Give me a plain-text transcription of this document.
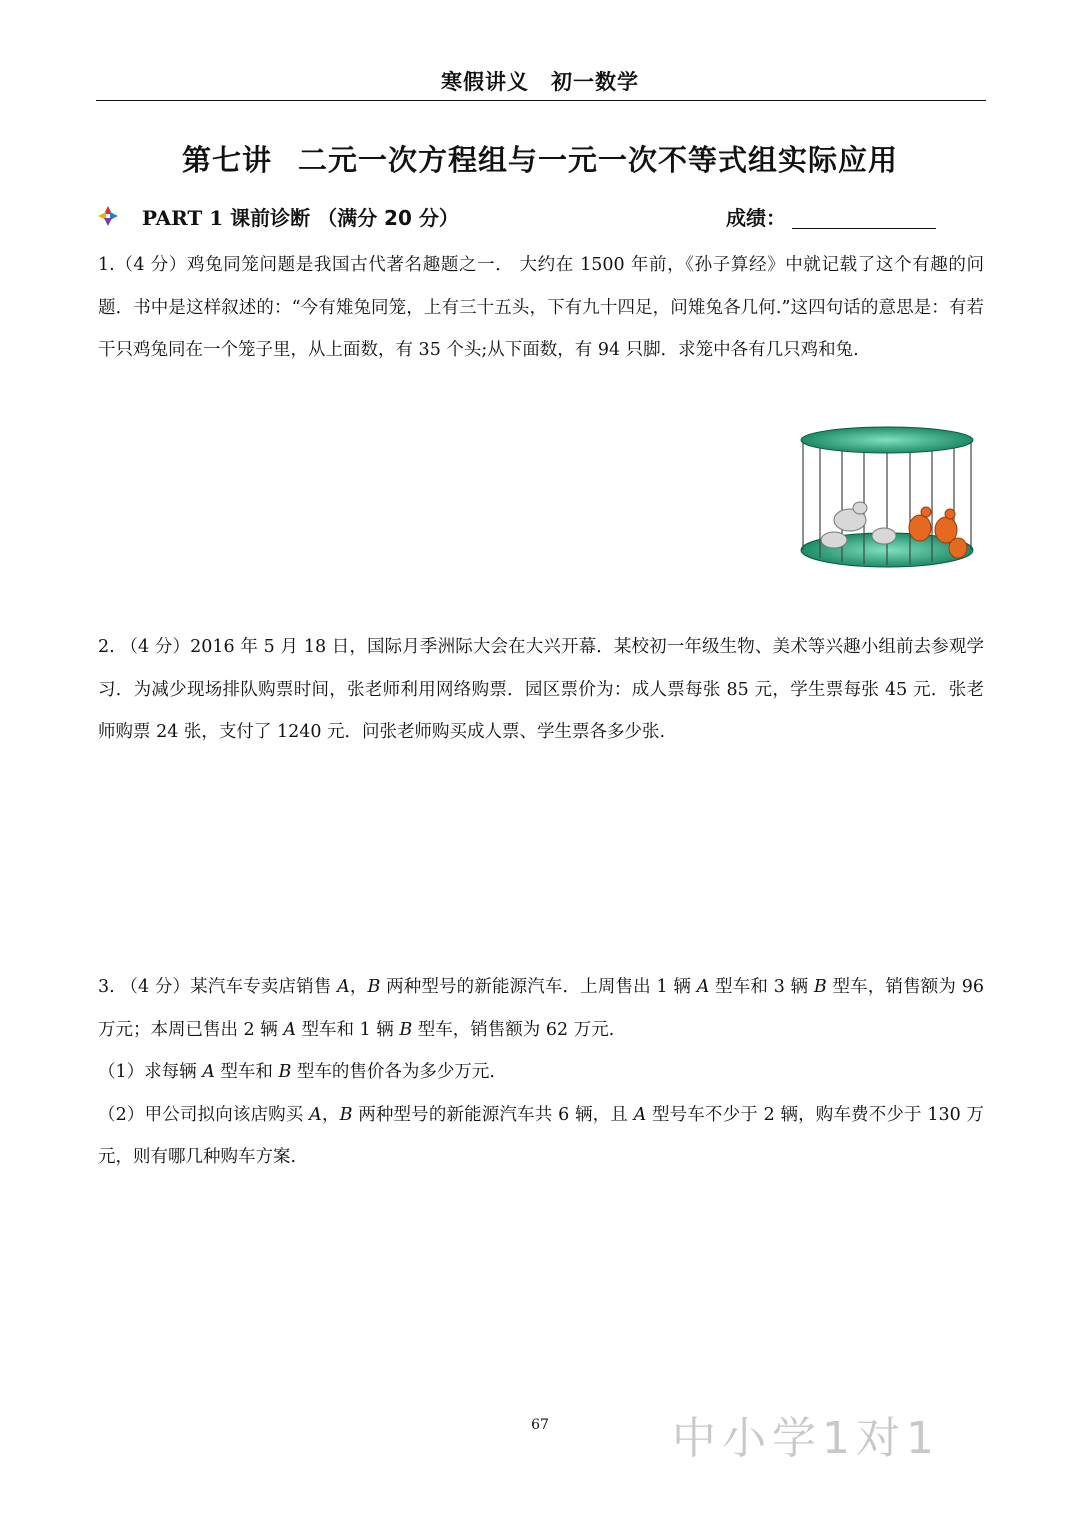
寒假讲义 初一数学
第七讲 二元一次方程组与一元一次不等式组实际应用
PART 1 课前诊断 （满分 20 分）	成绩：

1.（4 分）鸡兔同笼问题是我国古代著名趣题之一． 大约在 1500 年前，《孙子算经》中就记载了这个有趣的问题．书中是这样叙述的：“今有雉兔同笼，上有三十五头，下有九十四足，问雉兔各几何.”这四句话的意思是：有若干只鸡兔同在一个笼子里，从上面数，有 35 个头;从下面数，有 94 只脚．求笼中各有几只鸡和兔.

2. （4 分）2016 年 5 月 18 日，国际月季洲际大会在大兴开幕．某校初一年级生物、美术等兴趣小组前去参观学习．为减少现场排队购票时间，张老师利用网络购票．园区票价为：成人票每张 85 元，学生票每张 45 元．张老师购票 24 张，支付了 1240 元．问张老师购买成人票、学生票各多少张.

3. （4 分）某汽车专卖店销售 A，B 两种型号的新能源汽车．上周售出 1 辆 A 型车和 3 辆 B 型车，销售额为 96 万元；本周已售出 2 辆 A 型车和 1 辆 B 型车，销售额为 62 万元.

（1）求每辆 A 型车和 B 型车的售价各为多少万元.

（2）甲公司拟向该店购买 A，B 两种型号的新能源汽车共 6 辆，且 A 型号车不少于 2 辆，购车费不少于 130 万元，则有哪几种购车方案.

67	中小学1对1
